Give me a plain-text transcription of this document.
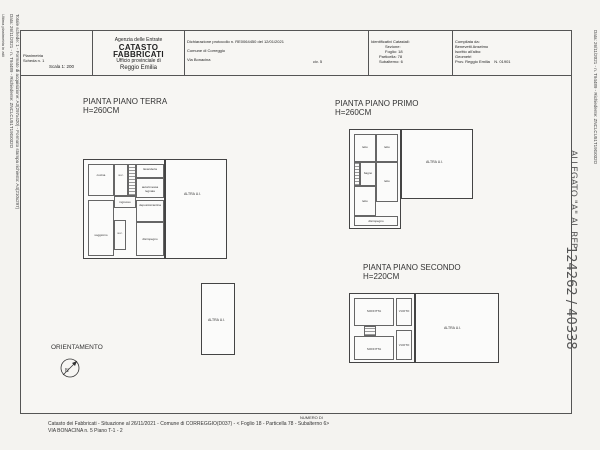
Ultima planimetria in atti Data: 26/11/2021 - n. T94489 - Richiedente: ZNCLCU51T19G032O Totale schede: 1 - Formato di acquisizione: A3(297x420) - Formato stampa richiesto: A4(210x297)	Data: 26/11/2021 - n. T94489 - Richiedente: ZNCLCU51T19G032O
Planimetria
Scheda n. 1
Scala 1: 200
Agenzia delle Entrate
CATASTO FABBRICATI
Ufficio provinciale di
Reggio Emilia
Dichiarazione protocollo n. RE0064450 del 12/01/2021
Comune di Correggio
Via Bonacina	civ. 5
Identificativi Catastali:
Sezione:
Foglio: 18
Particella: 78
Subalterno: 6
Compilata da:
Benevetti Anselmo
Iscritto all'albo:
Geometri
Prov. Reggio Emilia N. 01901
PIANTA PIANO TERRA
H=260CM
PIANTA PIANO PRIMO
H=260CM
PIANTA PIANO SECONDO
H=220CM
cucina	w.c.
lavanderia
autorimessa legnaia
ingresso
soggiorno	w.c.
deposito/cantina
disimpegno
ALTRA U.I.
ALTRA U.I.
letto	letto
bagno
letto
letto
disimpegno
ALTRA U.I.
SOFFITTA
SOFFITTA
VUOTO
VUOTO
ALTRA U.I.
ORIENTAMENTO
N
ALLEGATO "A" AL REP
124262 / 40338
NUMERO DI
Catasto dei Fabbricati - Situazione al 26/11/2021 - Comune di CORREGGIO(D037) - < Foglio 18 - Particella 78 - Subalterno 6>
VIA BONACINA n. 5 Piano T-1 - 2
